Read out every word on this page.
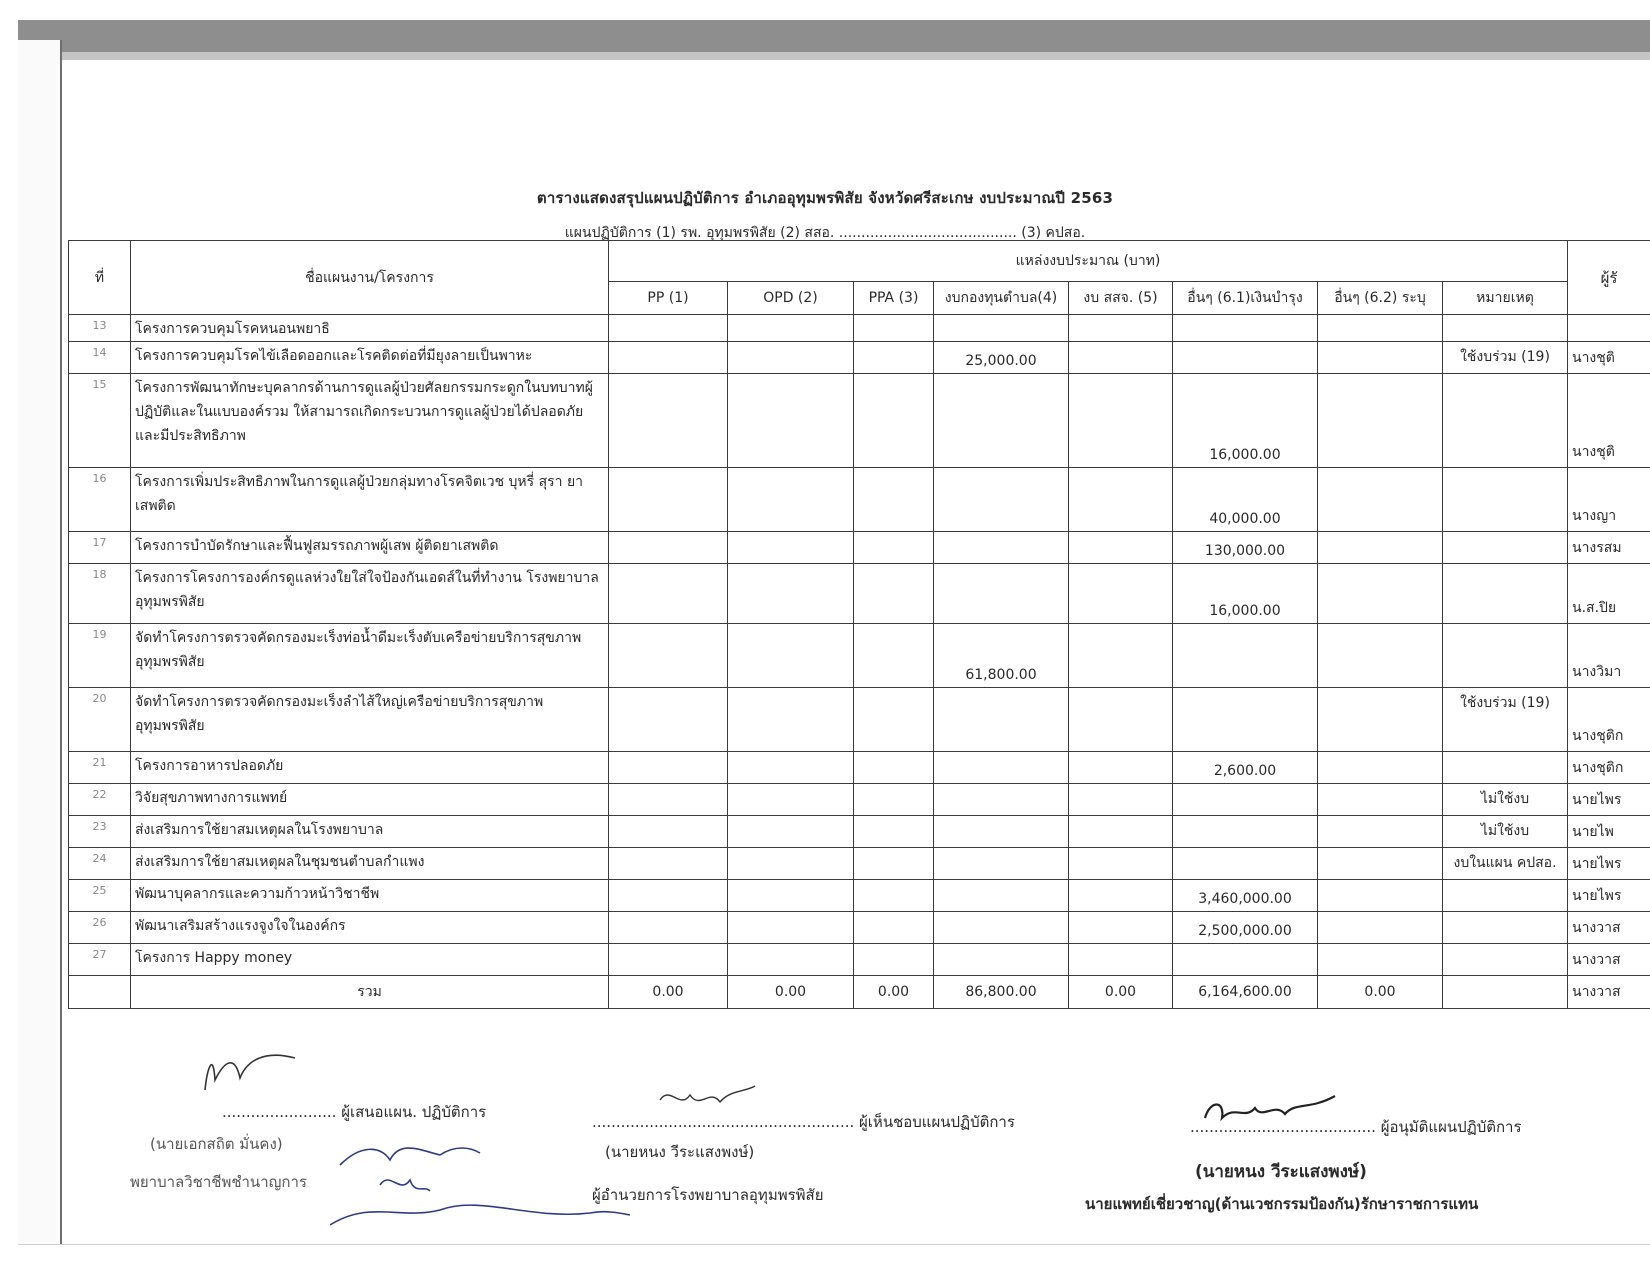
ตารางแสดงสรุปแผนปฏิบัติการ อำเภออุทุมพรพิสัย จังหวัดศรีสะเกษ งบประมาณปี 2563
แผนปฏิบัติการ (1) รพ. อุทุมพรพิสัย (2) สสอ. ........................................ (3) คปสอ.
ที่	ชื่อแผนงาน/โครงการ	แหล่งงบประมาณ (บาท)								ผู้รั
		PP (1)	OPD (2)	PPA (3)	งบกองทุนตำบล(4)	งบ สสจ. (5)	อื่นๆ (6.1)เงินบำรุง	อื่นๆ (6.2) ระบุ	หมายเหตุ	
13	โครงการควบคุมโรคหนอนพยาธิ									
14	โครงการควบคุมโรคไข้เลือดออกและโรคติดต่อที่มียุงลายเป็นพาหะ				25,000.00				ใช้งบร่วม (19)	นางชุติ
15	โครงการพัฒนาทักษะบุคลากรด้านการดูแลผู้ป่วยศัลยกรรมกระดูกในบทบาทผู้ปฏิบัติและในแบบองค์รวม ให้สามารถเกิดกระบวนการดูแลผู้ป่วยได้ปลอดภัยและมีประสิทธิภาพ						16,000.00			นางชุติ
16	โครงการเพิ่มประสิทธิภาพในการดูแลผู้ป่วยกลุ่มทางโรคจิตเวช บุหรี่ สุรา ยาเสพติด						40,000.00			นางญา
17	โครงการบำบัดรักษาและฟื้นฟูสมรรถภาพผู้เสพ ผู้ติดยาเสพติด						130,000.00			นางรสม
18	โครงการโครงการองค์กรดูแลห่วงใยใส่ใจป้องกันเอดส์ในที่ทำงาน โรงพยาบาลอุทุมพรพิสัย						16,000.00			น.ส.ปิย
19	จัดทำโครงการตรวจคัดกรองมะเร็งท่อน้ำดีมะเร็งตับเครือข่ายบริการสุขภาพอุทุมพรพิสัย				61,800.00					นางวิมา
20	จัดทำโครงการตรวจคัดกรองมะเร็งลำไส้ใหญ่เครือข่ายบริการสุขภาพอุทุมพรพิสัย								ใช้งบร่วม (19)	นางชุติก
21	โครงการอาหารปลอดภัย						2,600.00			นางชุติก
22	วิจัยสุขภาพทางการแพทย์								ไม่ใช้งบ	นายไพร
23	ส่งเสริมการใช้ยาสมเหตุผลในโรงพยาบาล								ไม่ใช้งบ	นายไพ
24	ส่งเสริมการใช้ยาสมเหตุผลในชุมชนตำบลกำแพง								งบในแผน คปสอ.	นายไพร
25	พัฒนาบุคลากรและความก้าวหน้าวิชาชีพ						3,460,000.00			นายไพร
26	พัฒนาเสริมสร้างแรงจูงใจในองค์กร						2,500,000.00			นางวาส
27	โครงการ Happy money									นางวาส
	รวม	0.00	0.00	0.00	86,800.00	0.00	6,164,600.00	0.00		นางวาส
........................ ผู้เสนอแผน. ปฏิบัติการ
(นายเอกสถิต มั่นคง)
พยาบาลวิชาชีพชำนาญการ
....................................................... ผู้เห็นชอบแผนปฏิบัติการ
(นายหนง วีระแสงพงษ์)
ผู้อำนวยการโรงพยาบาลอุทุมพรพิสัย
....................................... ผู้อนุมัติแผนปฏิบัติการ
(นายหนง วีระแสงพงษ์)
นายแพทย์เชี่ยวชาญ(ด้านเวชกรรมป้องกัน)รักษาราชการแทน
